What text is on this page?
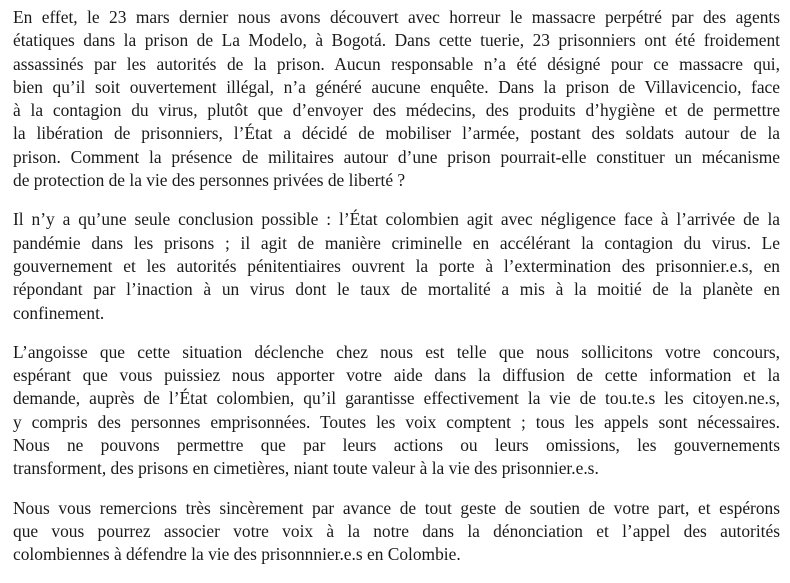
En effet, le 23 mars dernier nous avons découvert avec horreur le massacre perpétré par des agents
étatiques dans la prison de La Modelo, à Bogotá. Dans cette tuerie, 23 prisonniers ont été froidement
assassinés par les autorités de la prison. Aucun responsable n’a été désigné pour ce massacre qui,
bien qu’il soit ouvertement illégal, n’a généré aucune enquête. Dans la prison de Villavicencio, face
à la contagion du virus, plutôt que d’envoyer des médecins, des produits d’hygiène et de permettre
la libération de prisonniers, l’État a décidé de mobiliser l’armée, postant des soldats autour de la
prison. Comment la présence de militaires autour d’une prison pourrait-elle constituer un mécanisme
de protection de la vie des personnes privées de liberté ?

Il n’y a qu’une seule conclusion possible : l’État colombien agit avec négligence face à l’arrivée de la
pandémie dans les prisons ; il agit de manière criminelle en accélérant la contagion du virus. Le
gouvernement et les autorités pénitentiaires ouvrent la porte à l’extermination des prisonnier.e.s, en
répondant par l’inaction à un virus dont le taux de mortalité a mis à la moitié de la planète en
confinement.

L’angoisse que cette situation déclenche chez nous est telle que nous sollicitons votre concours,
espérant que vous puissiez nous apporter votre aide dans la diffusion de cette information et la
demande, auprès de l’État colombien, qu’il garantisse effectivement la vie de tou.te.s les citoyen.ne.s,
y compris des personnes emprisonnées. Toutes les voix comptent ; tous les appels sont nécessaires.
Nous ne pouvons permettre que par leurs actions ou leurs omissions, les gouvernements
transforment, des prisons en cimetières, niant toute valeur à la vie des prisonnier.e.s.

Nous vous remercions très sincèrement par avance de tout geste de soutien de votre part, et espérons
que vous pourrez associer votre voix à la notre dans la dénonciation et l’appel des autorités
colombiennes à défendre la vie des prisonnnier.e.s en Colombie.
